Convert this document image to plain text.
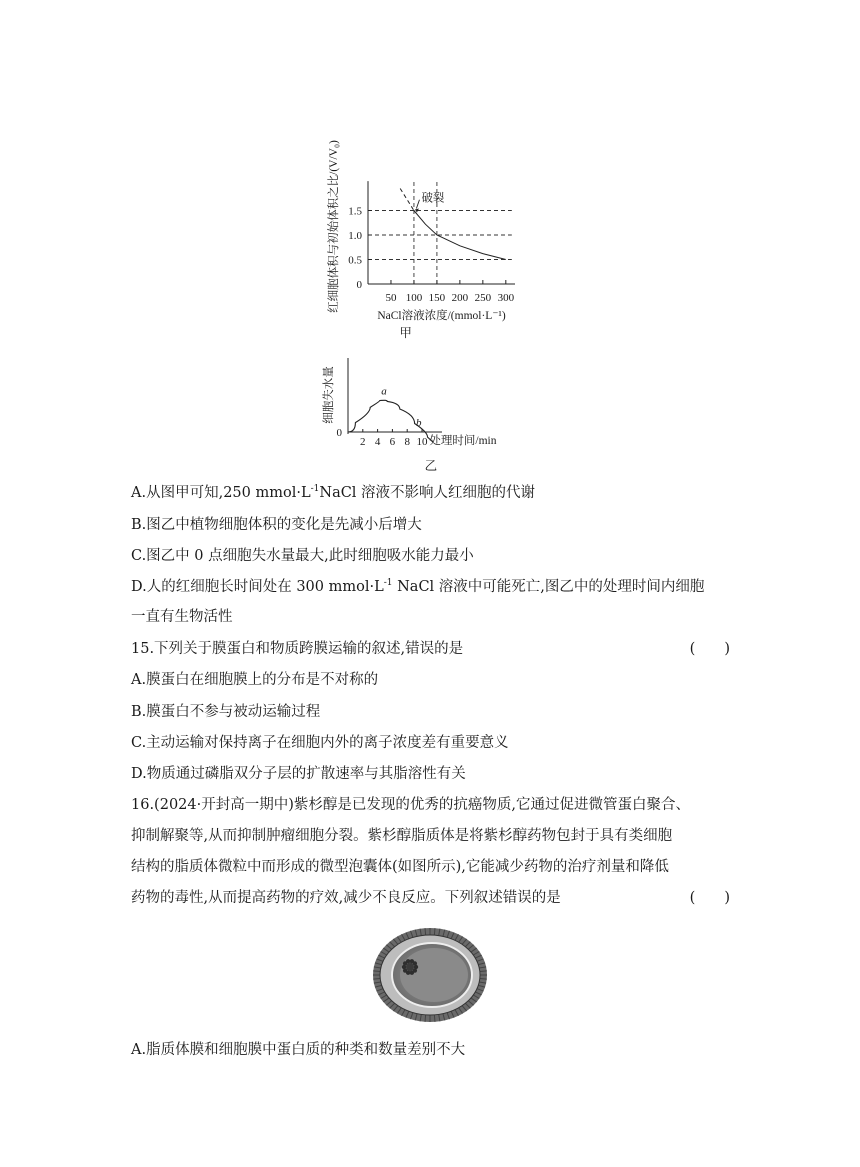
0
0.5
1.0
1.5
50 100 150 200 250 300
破裂
NaCl溶液浓度/(mmol·L⁻¹)
甲
红细胞体积与初始体积之比/(V/V₀)
2 4 6 8 10
0
a
b
处理时间/min
乙
细胞失水量
A.从图甲可知,250 $mmol\cdot L^{-1}NaCl$ 溶液不影响人红细胞的代谢
B.图乙中植物细胞体积的变化是先减小后增大
C.图乙中 0 点细胞失水量最大,此时细胞吸水能力最小
D.人的红细胞长时间处在 300 $mmol\cdot L^{-1}$ NaCl 溶液中可能死亡,图乙中的处理时间内细胞
一直有生物活性
15.下列关于膜蛋白和物质跨膜运输的叙述,错误的是	(　　)
A.膜蛋白在细胞膜上的分布是不对称的
B.膜蛋白不参与被动运输过程
C.主动运输对保持离子在细胞内外的离子浓度差有重要意义
D.物质通过磷脂双分子层的扩散速率与其脂溶性有关
16.(2024·开封高一期中)紫杉醇是已发现的优秀的抗癌物质,它通过促进微管蛋白聚合、
抑制解聚等,从而抑制肿瘤细胞分裂。紫杉醇脂质体是将紫杉醇药物包封于具有类细胞
结构的脂质体微粒中而形成的微型泡囊体(如图所示),它能减少药物的治疗剂量和降低
药物的毒性,从而提高药物的疗效,减少不良反应。下列叙述错误的是	(　　)
A.脂质体膜和细胞膜中蛋白质的种类和数量差别不大
